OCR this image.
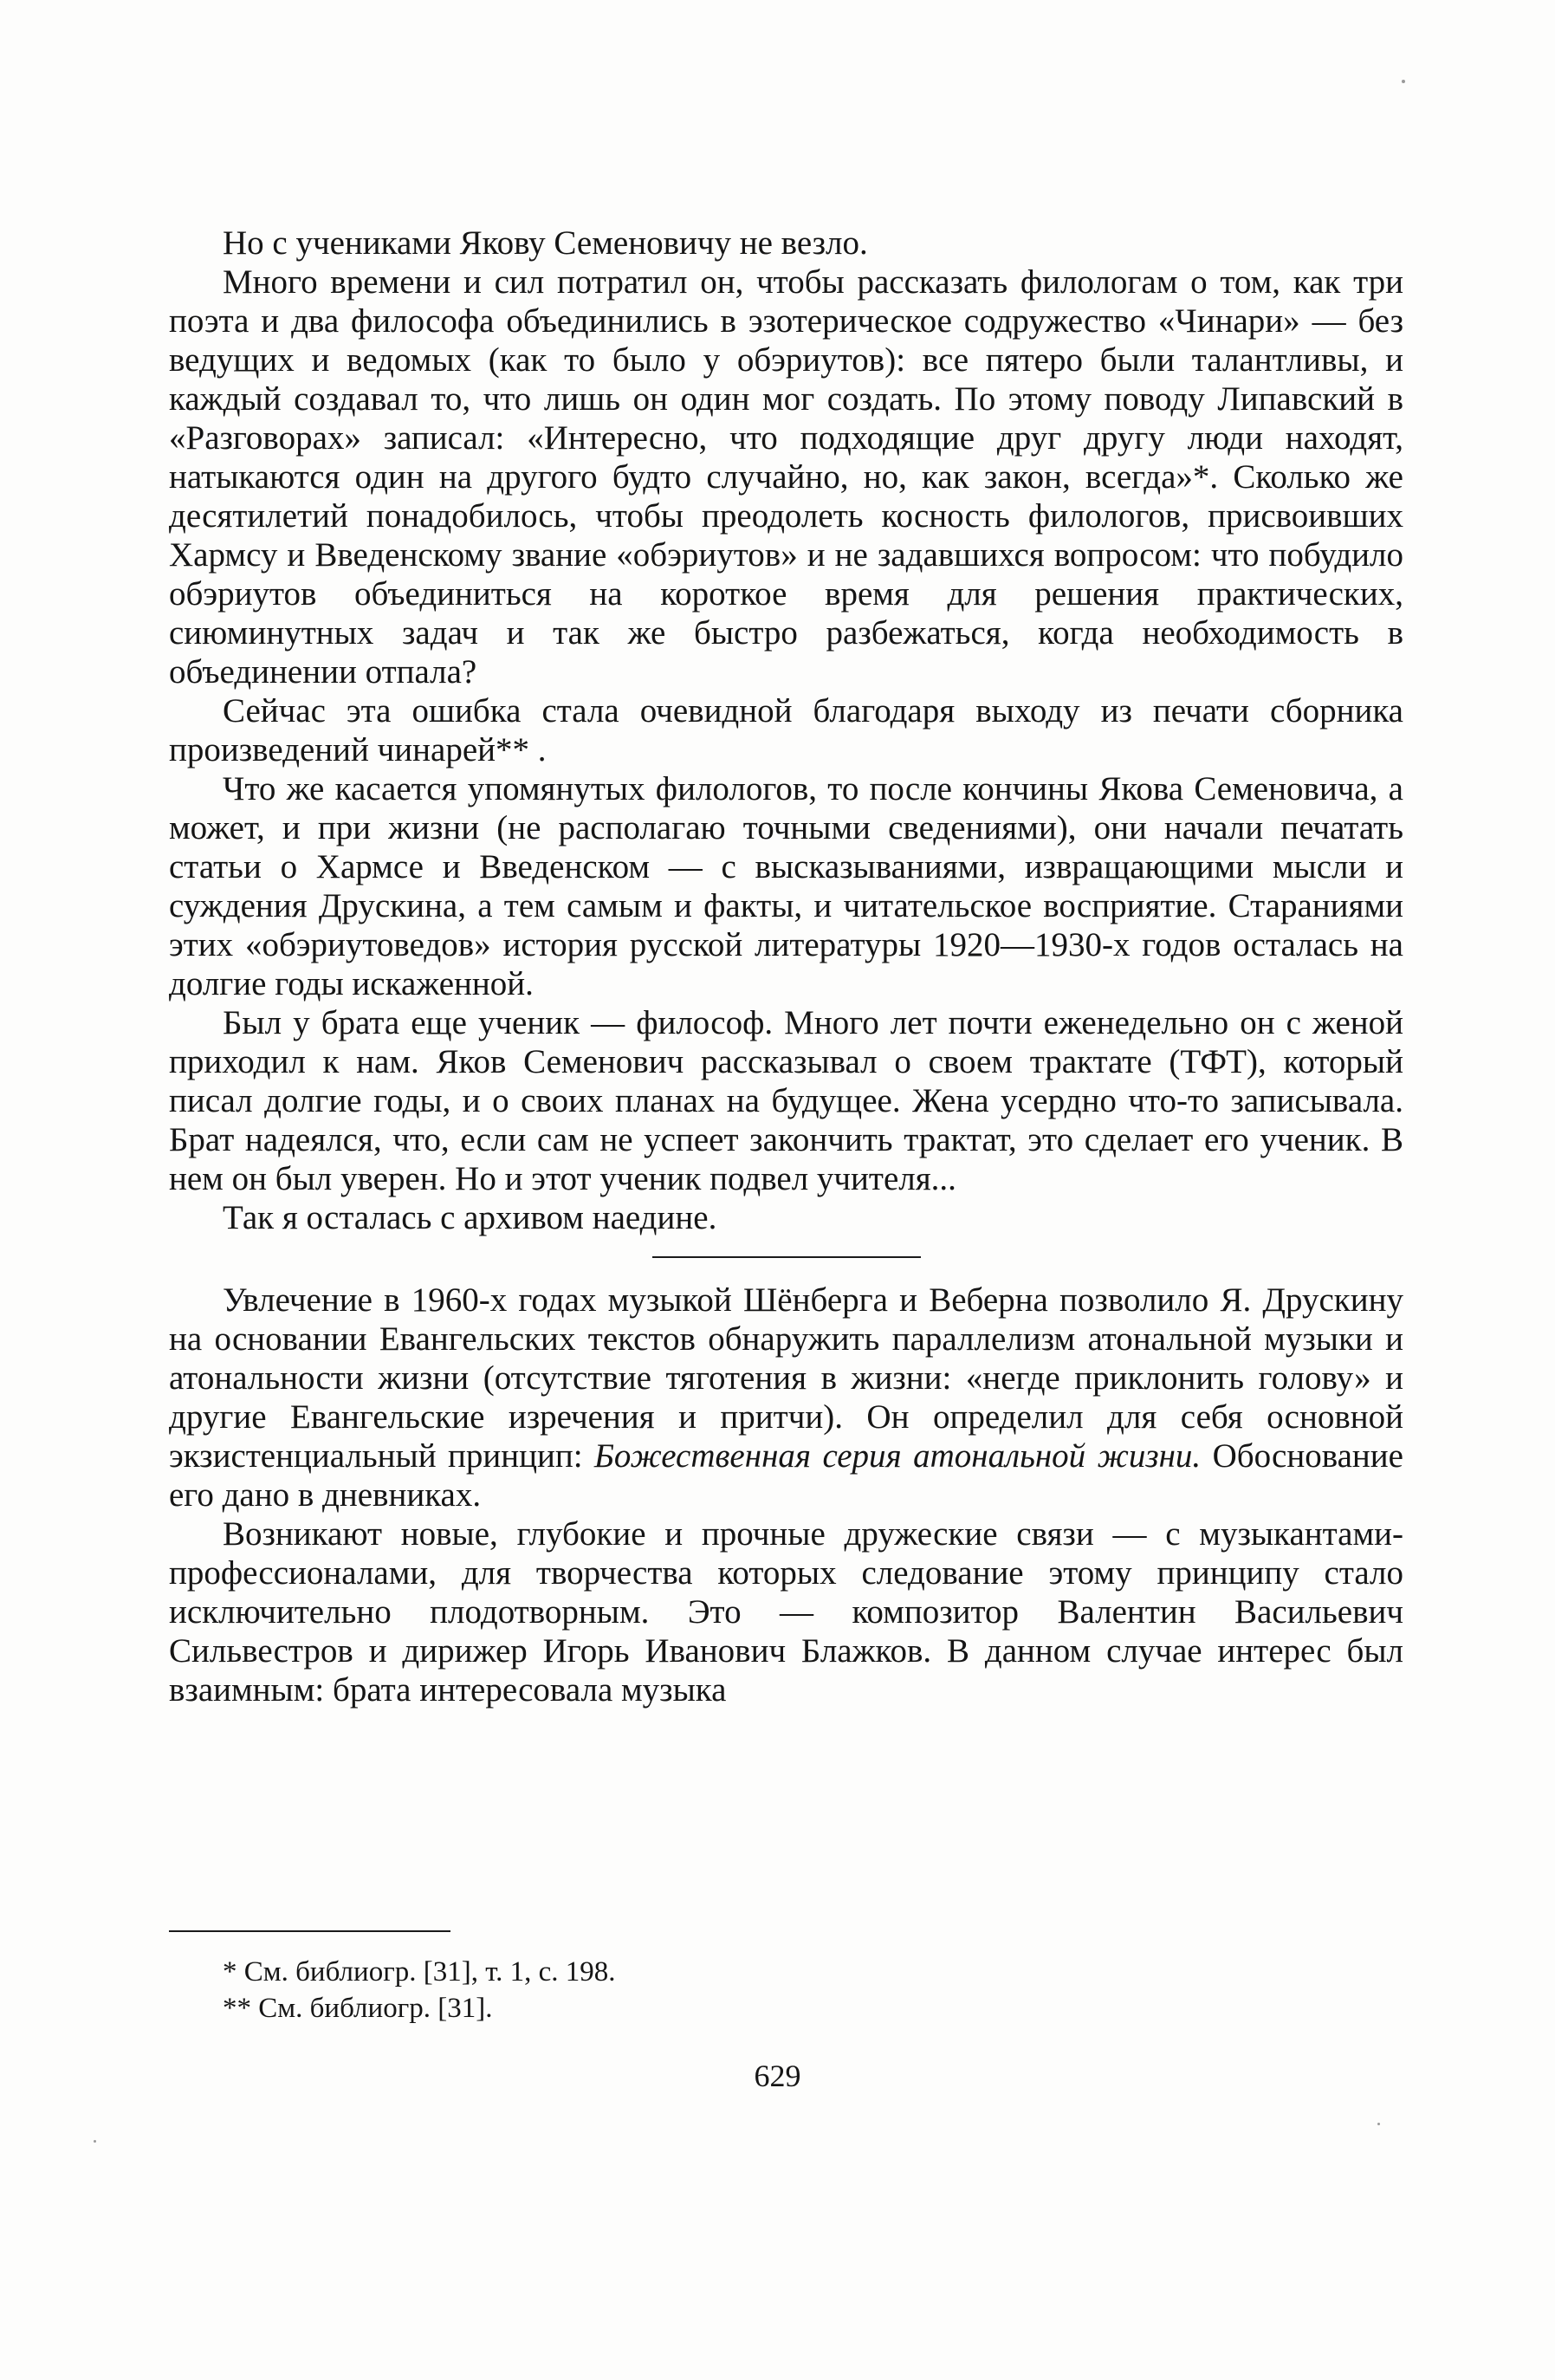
Но с учениками Якову Семеновичу не везло.

Много времени и сил потратил он, чтобы рассказать филологам о том, как три поэта и два философа объединились в эзотерическое содружество «Чинари» — без ведущих и ведомых (как то было у обэриутов): все пятеро были талантливы, и каждый создавал то, что лишь он один мог создать. По этому поводу Липавский в «Разговорах» записал: «Интересно, что подходящие друг другу люди находят, натыкаются один на другого будто случайно, но, как закон, всегда»*. Сколько же десятилетий понадобилось, чтобы преодолеть косность филологов, присвоивших Хармсу и Введенскому звание «обэриутов» и не задавшихся вопросом: что побудило обэриутов объединиться на короткое время для решения практических, сиюминутных задач и так же быстро разбежаться, когда необходимость в объединении отпала?

Сейчас эта ошибка стала очевидной благодаря выходу из печати сборника произведений чинарей** .

Что же касается упомянутых филологов, то после кончины Якова Семеновича, а может, и при жизни (не располагаю точными сведениями), они начали печатать статьи о Хармсе и Введенском — с высказываниями, извращающими мысли и суждения Друскина, а тем самым и факты, и читательское восприятие. Стараниями этих «обэриутоведов» история русской литературы 1920—1930-х годов осталась на долгие годы искаженной.

Был у брата еще ученик — философ. Много лет почти еженедельно он с женой приходил к нам. Яков Семенович рассказывал о своем трактате (ТФТ), который писал долгие годы, и о своих планах на будущее. Жена усердно что-то записывала. Брат надеялся, что, если сам не успеет закончить трактат, это сделает его ученик. В нем он был уверен. Но и этот ученик подвел учителя...

Так я осталась с архивом наедине.

Увлечение в 1960-х годах музыкой Шёнберга и Веберна позволило Я. Друскину на основании Евангельских текстов обнаружить параллелизм атональной музыки и атональности жизни (отсутствие тяготения в жизни: «негде приклонить голову» и другие Евангельские изречения и притчи). Он определил для себя основной экзистенциальный принцип: Божественная серия атональной жизни. Обоснование его дано в дневниках.

Возникают новые, глубокие и прочные дружеские связи — с музыкантами-профессионалами, для творчества которых следование этому принципу стало исключительно плодотворным. Это — композитор Валентин Васильевич Сильвестров и дирижер Игорь Иванович Блажков. В данном случае интерес был взаимным: брата интересовала музыка

* См. библиогр. [31], т. 1, с. 198.

** См. библиогр. [31].

629
